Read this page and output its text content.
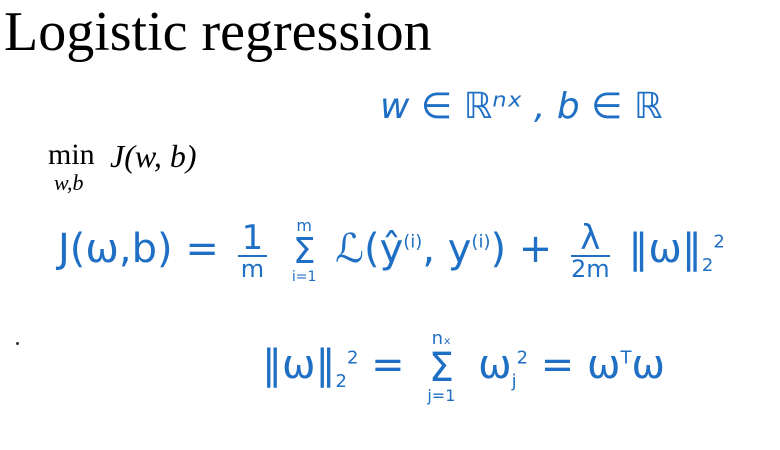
Logistic regression
min
w,b
J(w, b)
w ∈ ℝⁿˣ , b ∈ ℝ
$J(\omega,b) = \frac{1}{m}$
m
Σ
i=1
$ℒ(ŷ^{(i)}$, $y^{(i)}) + \frac{\lambda}{2m}$ $‖\omega‖_2^2$
$‖\omega‖_2^2$ =
nₓ
Σ
j=1
$\omega_j^2 = \omega^T\omega$
